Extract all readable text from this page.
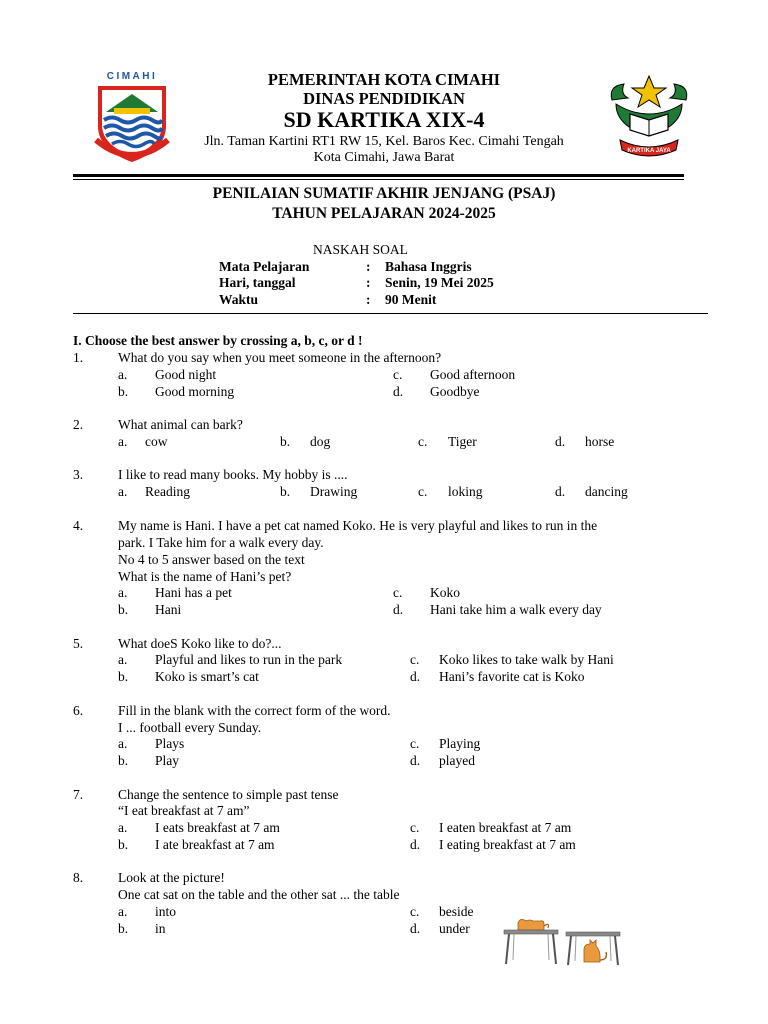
CIMAHI
KARTIKA JAYA
PEMERINTAH KOTA CIMAHI
DINAS PENDIDIKAN
SD KARTIKA XIX-4
Jln. Taman Kartini RT1 RW 15, Kel. Baros Kec. Cimahi Tengah
Kota Cimahi, Jawa Barat
PENILAIAN SUMATIF AKHIR JENJANG (PSAJ)
TAHUN PELAJARAN 2024-2025
NASKAH SOAL
Mata Pelajaran	: Bahasa Inggris
Hari, tanggal	: Senin, 19 Mei 2025
Waktu	: 90 Menit
I. Choose the best answer by crossing a, b, c, or d !
1.	What do you say when you meet someone in the afternoon?
a. Good night
b. Good morning
c. Good afternoon
d. Goodbye
2.	What animal can bark?
a. cow	b. dog	c. Tiger	d. horse
3.	I like to read many books. My hobby is ....
a. Reading	b. Drawing	c. loking	d. dancing
4.	My name is Hani. I have a pet cat named Koko. He is very playful and likes to run in the
park. I Take him for a walk every day.
No 4 to 5 answer based on the text
What is the name of Hani’s pet?
a. Hani has a pet
b. Hani
c. Koko
d. Hani take him a walk every day
5.	What doeS Koko like to do?...
a. Playful and likes to run in the park
b. Koko is smart’s cat
c. Koko likes to take walk by Hani
d. Hani’s favorite cat is Koko
6.	Fill in the blank with the correct form of the word.
I ... football every Sunday.
a. Plays
b. Play
c. Playing
d. played
7.	Change the sentence to simple past tense
“I eat breakfast at 7 am”
a. I eats breakfast at 7 am
b. I ate breakfast at 7 am
c. I eaten breakfast at 7 am
d. I eating breakfast at 7 am
8.	Look at the picture!
One cat sat on the table and the other sat ... the table
a. into
b. in
c. beside
d. under
